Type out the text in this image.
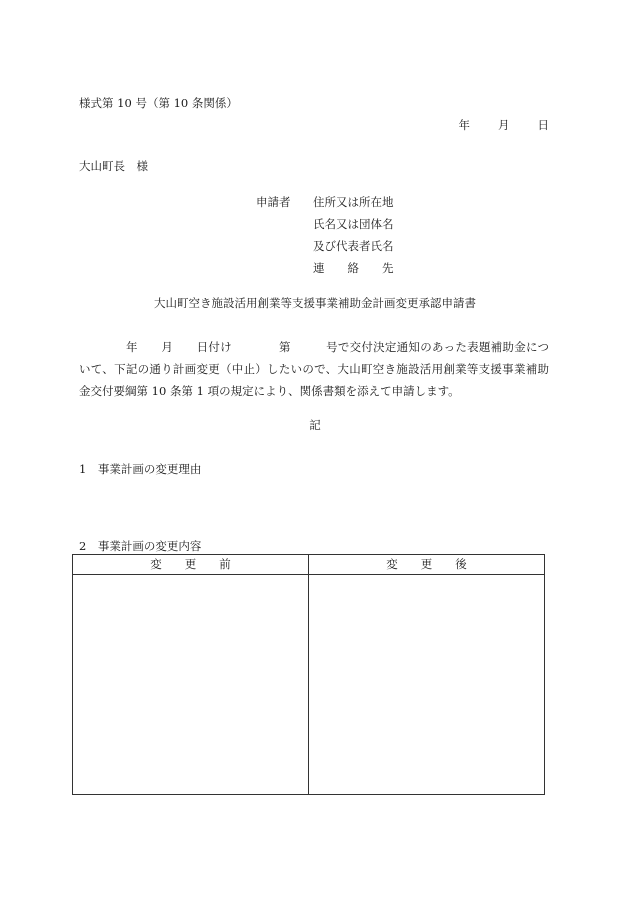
様式第 10 号（第 10 条関係）
年 月 日
大山町長　様
申請者 住所又は所在地
氏名又は団体名
及び代表者氏名
連　　絡　　先
大山町空き施設活用創業等支援事業補助金計画変更承認申請書
　　　　年　　月　　日付け　　　　第　　　号で交付決定通知のあった表題補助金について、下記の通り計画変更（中止）したいので、大山町空き施設活用創業等支援事業補助金交付要綱第 10 条第 1 項の規定により、関係書類を添えて申請します。
記
1　事業計画の変更理由
2　事業計画の変更内容
変　　更　　前	変　　更　　後
